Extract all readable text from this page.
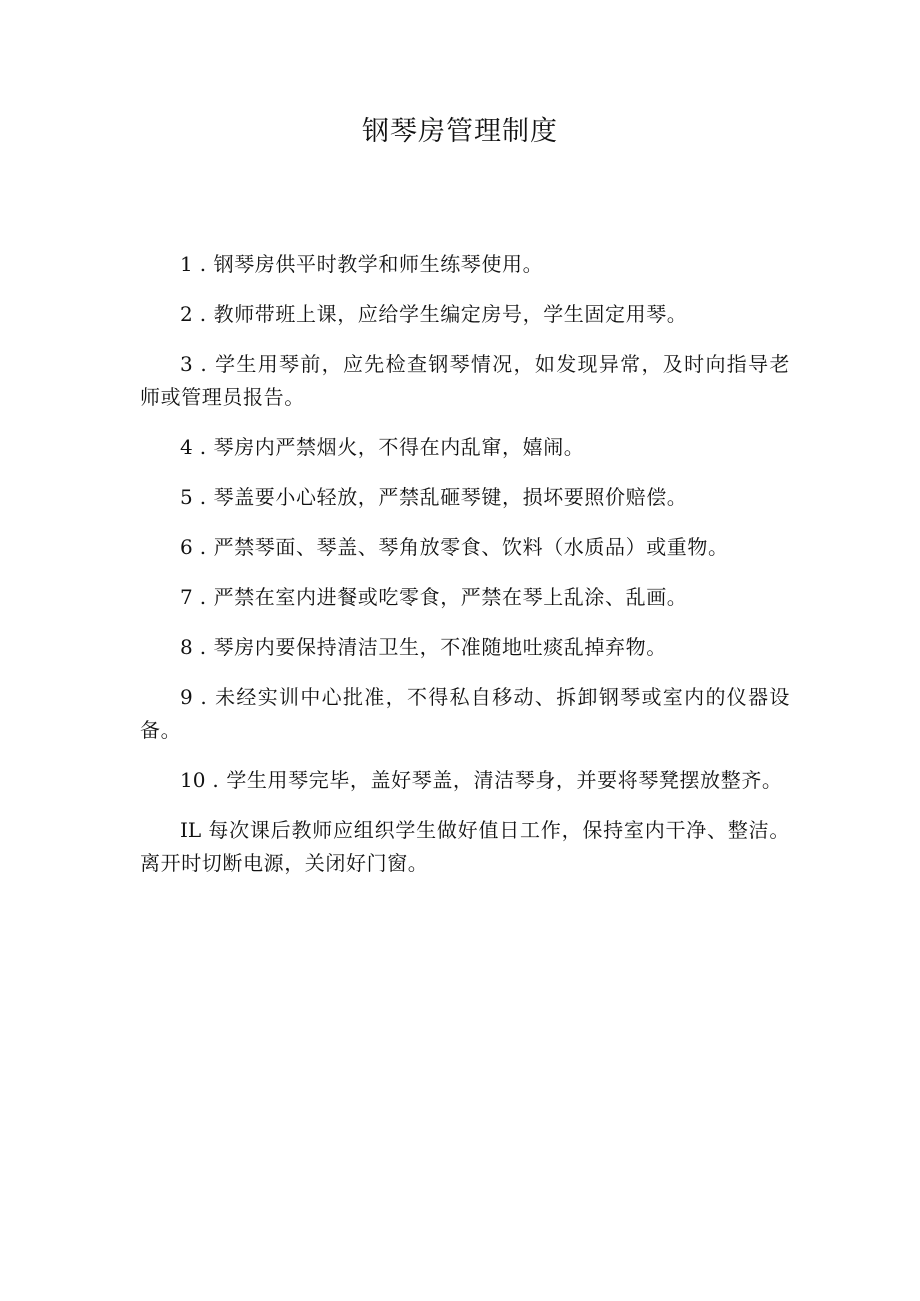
钢琴房管理制度

1 . 钢琴房供平时教学和师生练琴使用。

2 . 教师带班上课，应给学生编定房号，学生固定用琴。

3 . 学生用琴前，应先检查钢琴情况，如发现异常，及时向指导老师或管理员报告。

4 . 琴房内严禁烟火，不得在内乱窜，嬉闹。

5 . 琴盖要小心轻放，严禁乱砸琴键，损坏要照价赔偿。

6 . 严禁琴面、琴盖、琴角放零食、饮料（水质品）或重物。

7 . 严禁在室内进餐或吃零食，严禁在琴上乱涂、乱画。

8 . 琴房内要保持清洁卫生，不准随地吐痰乱掉弃物。

9 . 未经实训中心批准，不得私自移动、拆卸钢琴或室内的仪器设备。

10 . 学生用琴完毕，盖好琴盖，清洁琴身，并要将琴凳摆放整齐。

IL 每次课后教师应组织学生做好值日工作，保持室内干净、整洁。离开时切断电源，关闭好门窗。
